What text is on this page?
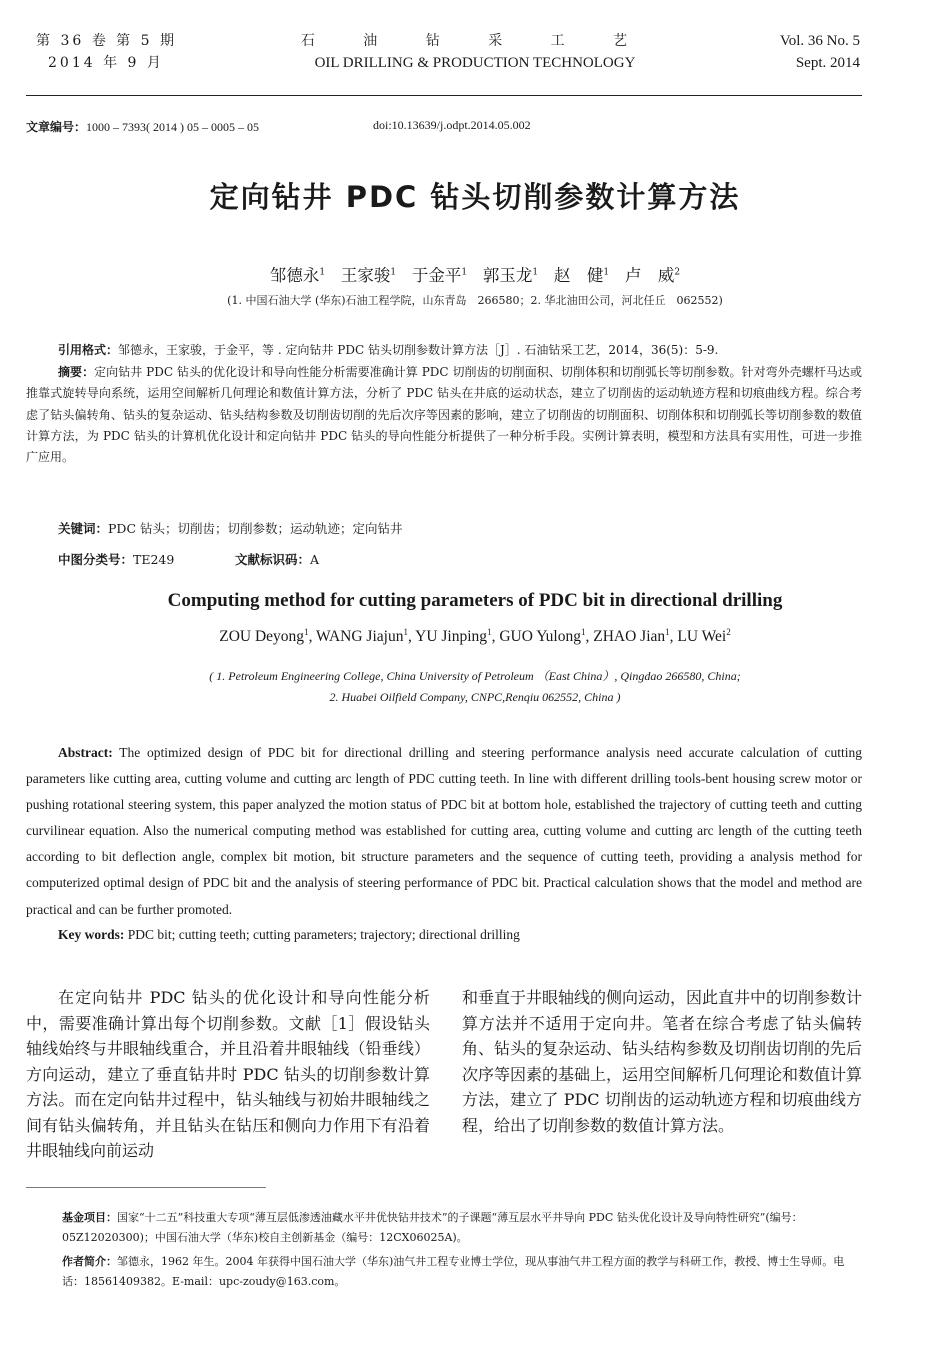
第 36 卷 第 5 期
2014 年 9 月
石 油 钻 采 工 艺
OIL DRILLING & PRODUCTION TECHNOLOGY
Vol. 36 No. 5
Sept. 2014
文章编号：1000 – 7393( 2014 ) 05 – 0005 – 05	doi:10.13639/j.odpt.2014.05.002
定向钻井 PDC 钻头切削参数计算方法
邹德永$^1$ 王家骏$^1$ 于金平$^1$ 郭玉龙$^1$ 赵　健$^1$ 卢　威$^2$
(1. 中国石油大学 (华东)石油工程学院，山东青岛　266580；2. 华北油田公司，河北任丘　062552)
引用格式：邹德永，王家骏，于金平，等 . 定向钻井 PDC 钻头切削参数计算方法［J］. 石油钻采工艺，2014，36(5)：5-9.
摘要：定向钻井 PDC 钻头的优化设计和导向性能分析需要准确计算 PDC 切削齿的切削面积、切削体积和切削弧长等切削参数。针对弯外壳螺杆马达或推靠式旋转导向系统，运用空间解析几何理论和数值计算方法，分析了 PDC 钻头在井底的运动状态，建立了切削齿的运动轨迹方程和切痕曲线方程。综合考虑了钻头偏转角、钻头的复杂运动、钻头结构参数及切削齿切削的先后次序等因素的影响，建立了切削齿的切削面积、切削体积和切削弧长等切削参数的数值计算方法，为 PDC 钻头的计算机优化设计和定向钻井 PDC 钻头的导向性能分析提供了一种分析手段。实例计算表明，模型和方法具有实用性，可进一步推广应用。
关键词：PDC 钻头；切削齿；切削参数；运动轨迹；定向钻井
中图分类号：TE249	文献标识码：A
Computing method for cutting parameters of PDC bit in directional drilling
ZOU Deyong$^1$, WANG Jiajun$^1$, YU Jinping$^1$, GUO Yulong$^1$, ZHAO Jian$^1$, LU Wei$^2$
( 1. Petroleum Engineering College, China University of Petroleum （East China）, Qingdao 266580, China;
2. Huabei Oilfield Company, CNPC,Renqiu 062552, China )
Abstract: The optimized design of PDC bit for directional drilling and steering performance analysis need accurate calculation of cutting parameters like cutting area, cutting volume and cutting arc length of PDC cutting teeth. In line with different drilling tools-bent housing screw motor or pushing rotational steering system, this paper analyzed the motion status of PDC bit at bottom hole, established the trajectory of cutting teeth and cutting curvilinear equation. Also the numerical computing method was established for cutting area, cutting volume and cutting arc length of the cutting teeth according to bit deflection angle, complex bit motion, bit structure parameters and the sequence of cutting teeth, providing a analysis method for computerized optimal design of PDC bit and the analysis of steering performance of PDC bit. Practical calculation shows that the model and method are practical and can be further promoted.
Key words: PDC bit; cutting teeth; cutting parameters; trajectory; directional drilling
在定向钻井 PDC 钻头的优化设计和导向性能分析中，需要准确计算出每个切削参数。文献［1］假设钻头轴线始终与井眼轴线重合，并且沿着井眼轴线（铅垂线）方向运动，建立了垂直钻井时 PDC 钻头的切削参数计算方法。而在定向钻井过程中，钻头轴线与初始井眼轴线之间有钻头偏转角，并且钻头在钻压和侧向力作用下有沿着井眼轴线向前运动
和垂直于井眼轴线的侧向运动，因此直井中的切削参数计算方法并不适用于定向井。笔者在综合考虑了钻头偏转角、钻头的复杂运动、钻头结构参数及切削齿切削的先后次序等因素的基础上，运用空间解析几何理论和数值计算方法，建立了 PDC 切削齿的运动轨迹方程和切痕曲线方程，给出了切削参数的数值计算方法。
基金项目：国家“十二五”科技重大专项“薄互层低渗透油藏水平井优快钻井技术”的子课题“薄互层水平井导向 PDC 钻头优化设计及导向特性研究”(编号：05Z12020300)；中国石油大学（华东)校自主创新基金（编号：12CX06025A)。
作者简介：邹德永，1962 年生。2004 年获得中国石油大学（华东)油气井工程专业博士学位，现从事油气井工程方面的教学与科研工作，教授、博士生导师。电话：18561409382。E-mail：upc-zoudy@163.com。
